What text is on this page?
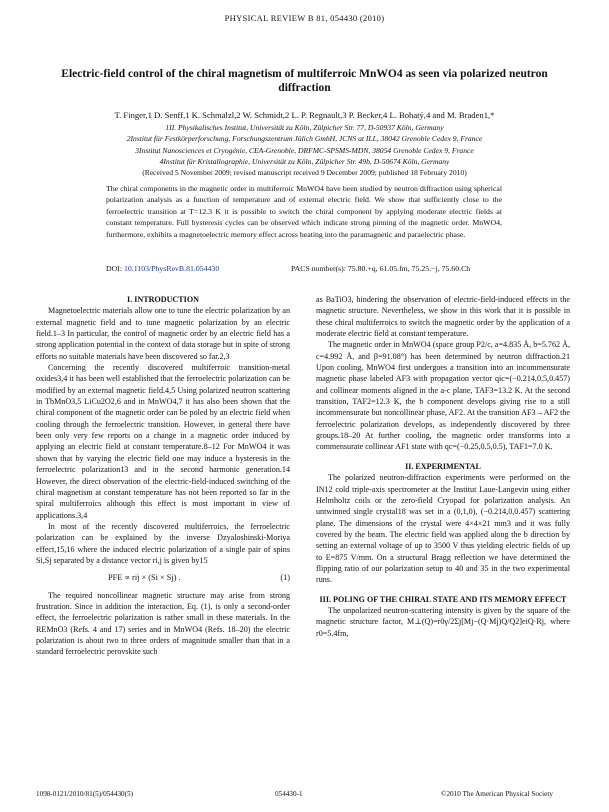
PHYSICAL REVIEW B 81, 054430 (2010)
Electric-field control of the chiral magnetism of multiferroic MnWO4 as seen via polarized neutron diffraction
T. Finger,1 D. Senff,1 K. Schmalzl,2 W. Schmidt,2 L. P. Regnault,3 P. Becker,4 L. Bohatý,4 and M. Braden1,*
1II. Physikalisches Institut, Universität zu Köln, Zülpicher Str. 77, D-50937 Köln, Germany
2Institut für Festkörperforschung, Forschungszentrum Jülich GmbH, JCNS at ILL, 38042 Grenoble Cedex 9, France
3Institut Nanosciences et Cryogénie, CEA-Grenoble, DRFMC-SPSMS-MDN, 38054 Grenoble Cedex 9, France
4Institut für Kristallographie, Universität zu Köln, Zülpicher Str. 49b, D-50674 Köln, Germany
(Received 5 November 2009; revised manuscript received 9 December 2009; published 18 February 2010)
The chiral components in the magnetic order in multiferroic MnWO4 have been studied by neutron diffraction using spherical polarization analysis as a function of temperature and of external electric field. We show that sufficiently close to the ferroelectric transition at T=12.3 K it is possible to switch the chiral component by applying moderate electric fields at constant temperature. Full hysteresis cycles can be observed which indicate strong pinning of the magnetic order. MnWO4, furthermore, exhibits a magnetoelectric memory effect across heating into the paramagnetic and paraelectric phase.
DOI: 10.1103/PhysRevB.81.054430	PACS number(s): 75.80.+q, 61.05.fm, 75.25.−j, 75.60.Ch

I. INTRODUCTION

Magnetoelectric materials allow one to tune the electric polarization by an external magnetic field and to tune magnetic polarization by an electric field.1–3 In particular, the control of magnetic order by an electric field has a strong application potential in the context of data storage but in spite of strong efforts no suitable materials have been discovered so far.2,3

Concerning the recently discovered multiferroic transition-metal oxides3,4 it has been well established that the ferroelectric polarization can be modified by an external magnetic field.4,5 Using polarized neutron scattering in TbMnO3,5 LiCu2O2,6 and in MnWO4,7 it has also been shown that the chiral component of the magnetic order can be poled by an electric field when cooling through the ferroelectric transition. However, in general there have been only very few reports on a change in a magnetic order induced by applying an electric field at constant temperature.8–12 For MnWO4 it was shown that by varying the electric field one may induce a hysteresis in the ferroelectric polarization13 and in the second harmonic generation.14 However, the direct observation of the electric-field-induced switching of the chiral magnetism at constant temperature has not been reported so far in the spiral multiferroics although this effect is most important in view of applications.3,4

In most of the recently discovered multiferroics, the ferroelectric polarization can be explained by the inverse Dzyaloshinski-Moriya effect,15,16 where the induced electric polarization of a single pair of spins Si,Sj separated by a distance vector ri,j is given by15

PFE ∝ rij × (Si × Sj) .	(1)

The required noncollinear magnetic structure may arise from strong frustration. Since in addition the interaction, Eq. (1), is only a second-order effect, the ferroelectric polarization is rather small in these materials. In the REMnO3 (Refs. 4 and 17) series and in MnWO4 (Refs. 18–20) the electric polarization is about two to three orders of magnitude smaller than that in a standard ferroelectric perovskite such

as BaTiO3, hindering the observation of electric-field-induced effects in the magnetic structure. Nevertheless, we show in this work that it is possible in these chiral multiferroics to switch the magnetic order by the application of a moderate electric field at constant temperature.

The magnetic order in MnWO4 (space group P2/c, a=4.835 Å, b=5.762 Å, c=4.992 Å, and β=91.08°) has been determined by neutron diffraction.21 Upon cooling, MnWO4 first undergoes a transition into an incommensurate magnetic phase labeled AF3 with propagation vector qic=(−0.214,0.5,0.457) and collinear moments aligned in the a-c plane, TAF3=13.2 K. At the second transition, TAF2=12.3 K, the b component develops giving rise to a still incommensurate but noncollinear phase, AF2. At the transition AF3→AF2 the ferroelectric polarization develops, as independently discovered by three groups.18–20 At further cooling, the magnetic order transforms into a commensurate collinear AF1 state with qc=(−0.25,0.5,0.5), TAF1=7.0 K.

II. EXPERIMENTAL

The polarized neutron-diffraction experiments were performed on the IN12 cold triple-axis spectrometer at the Institut Laue-Langevin using either Helmholtz coils or the zero-field Cryopad for polarization analysis. An untwinned single crystal18 was set in a (0,1,0), (−0.214,0,0.457) scattering plane. The dimensions of the crystal were 4×4×21 mm3 and it was fully covered by the beam. The electric field was applied along the b direction by setting an external voltage of up to 3500 V thus yielding electric fields of up to E=875 V/mm. On a structural Bragg reflection we have determined the flipping ratio of our polarization setup to 40 and 35 in the two experimental runs.

III. POLING OF THE CHIRAL STATE AND ITS MEMORY EFFECT

The unpolarized neutron-scattering intensity is given by the square of the magnetic structure factor, M⊥(Q)=r0γ/2Σj[Mj−(Q·Mj)Q/Q2]eiQ·Rj, where r0=5.4fm,

1098-0121/2010/81(5)/054430(5)	054430-1	©2010 The American Physical Society
